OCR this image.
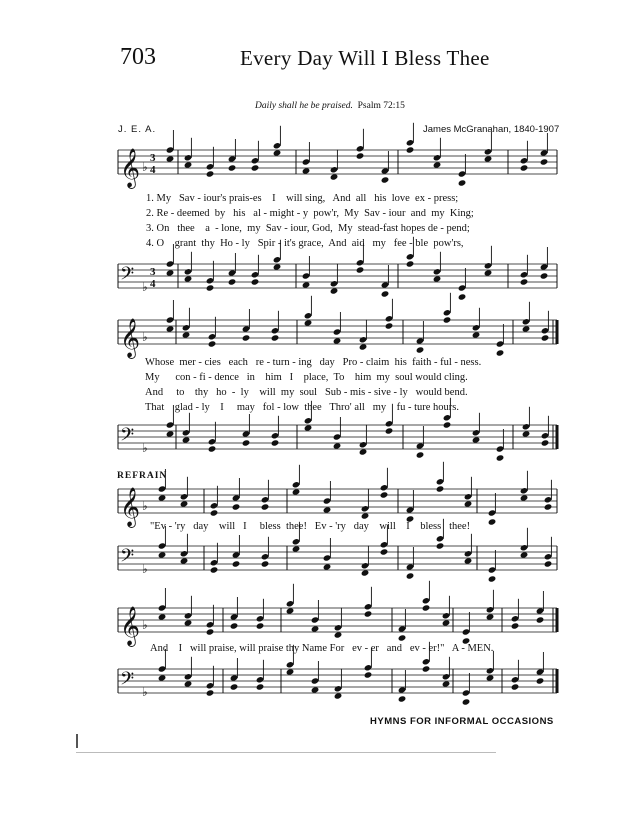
703	Every Day Will I Bless Thee
Daily shall he be praised. Psalm 72:15
J. E. A.	James McGranahan, 1840-1907
𝄞 ♭
3
4
𝄢 ♭
3
4
𝄞 ♭
𝄢 ♭
𝄞 ♭
𝄢 ♭
𝄞 ♭
𝄢 ♭
1. My   Sav - iour's prais-es    I    will sing,   And  all   his  love  ex - press;
2. Re - deemed  by   his   al - might - y  pow'r,  My  Sav - iour  and  my  King;
3. On   thee    a  - lone,  my  Sav - iour, God,  My  stead-fast hopes de - pend;
4. O    grant  thy  Ho - ly   Spir - it's grace,  And  aid   my   fee - ble  pow'rs,
Whose  mer - cies   each   re - turn - ing   day   Pro - claim  his  faith - ful - ness.
My      con - fi - dence   in    him   I    place,  To    him  my  soul would cling.
And     to    thy   ho  -  ly    will  my  soul   Sub - mis - sive - ly   would bend.
That    glad - ly    I     may   fol - low  thee   Thro' all   my    fu - ture hours.
REFRAIN
"Ev - 'ry   day    will   I     bless  thee!   Ev - 'ry   day    will    I    bless   thee!
And    I   will praise, will praise thy Name For   ev - er   and   ev - er!"   A - MEN.
HYMNS FOR INFORMAL OCCASIONS
